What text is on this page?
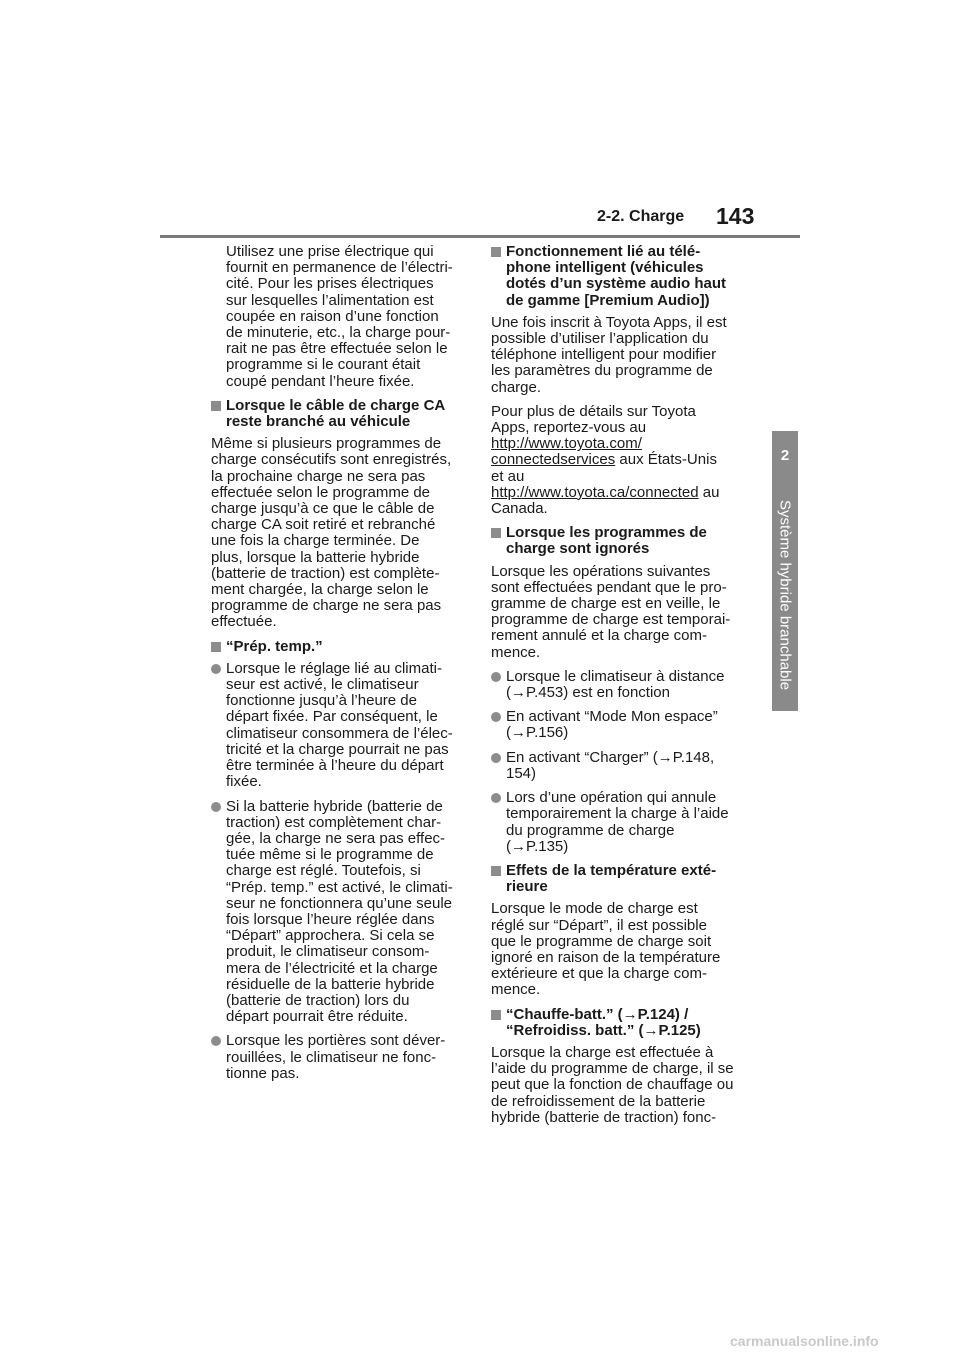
2-2. Charge 143
2
Système hybride branchable

Utilisez une prise électrique qui
fournit en permanence de l’électri-
cité. Pour les prises électriques
sur lesquelles l’alimentation est
coupée en raison d’une fonction
de minuterie, etc., la charge pour-
rait ne pas être effectuée selon le
programme si le courant était
coupé pendant l’heure fixée.

Lorsque le câble de charge CA
reste branché au véhicule

Même si plusieurs programmes de
charge consécutifs sont enregistrés,
la prochaine charge ne sera pas
effectuée selon le programme de
charge jusqu’à ce que le câble de
charge CA soit retiré et rebranché
une fois la charge terminée. De
plus, lorsque la batterie hybride
(batterie de traction) est complète-
ment chargée, la charge selon le
programme de charge ne sera pas
effectuée.

“Prép. temp.”
Lorsque le réglage lié au climati-
seur est activé, le climatiseur
fonctionne jusqu’à l’heure de
départ fixée. Par conséquent, le
climatiseur consommera de l’élec-
tricité et la charge pourrait ne pas
être terminée à l’heure du départ
fixée.
Si la batterie hybride (batterie de
traction) est complètement char-
gée, la charge ne sera pas effec-
tuée même si le programme de
charge est réglé. Toutefois, si
“Prép. temp.” est activé, le climati-
seur ne fonctionnera qu’une seule
fois lorsque l’heure réglée dans
“Départ” approchera. Si cela se
produit, le climatiseur consom-
mera de l’électricité et la charge
résiduelle de la batterie hybride
(batterie de traction) lors du
départ pourrait être réduite.
Lorsque les portières sont déver-
rouillées, le climatiseur ne fonc-
tionne pas.
Fonctionnement lié au télé-
phone intelligent (véhicules
dotés d’un système audio haut
de gamme [Premium Audio])

Une fois inscrit à Toyota Apps, il est
possible d’utiliser l’application du
téléphone intelligent pour modifier
les paramètres du programme de
charge.

Pour plus de détails sur Toyota
Apps, reportez-vous au
http://www.toyota.com/
connectedservices aux États-Unis
et au
http://www.toyota.ca/connected au
Canada.

Lorsque les programmes de
charge sont ignorés

Lorsque les opérations suivantes
sont effectuées pendant que le pro-
gramme de charge est en veille, le
programme de charge est temporai-
rement annulé et la charge com-
mence.

Lorsque le climatiseur à distance
(→P.453) est en fonction
En activant “Mode Mon espace”
(→P.156)
En activant “Charger” (→P.148,
154)
Lors d’une opération qui annule
temporairement la charge à l’aide
du programme de charge
(→P.135)
Effets de la température exté-
rieure

Lorsque le mode de charge est
réglé sur “Départ”, il est possible
que le programme de charge soit
ignoré en raison de la température
extérieure et que la charge com-
mence.

“Chauffe-batt.” (→P.124) /
“Refroidiss. batt.” (→P.125)

Lorsque la charge est effectuée à
l’aide du programme de charge, il se
peut que la fonction de chauffage ou
de refroidissement de la batterie
hybride (batterie de traction) fonc-

carmanualsonline.info
